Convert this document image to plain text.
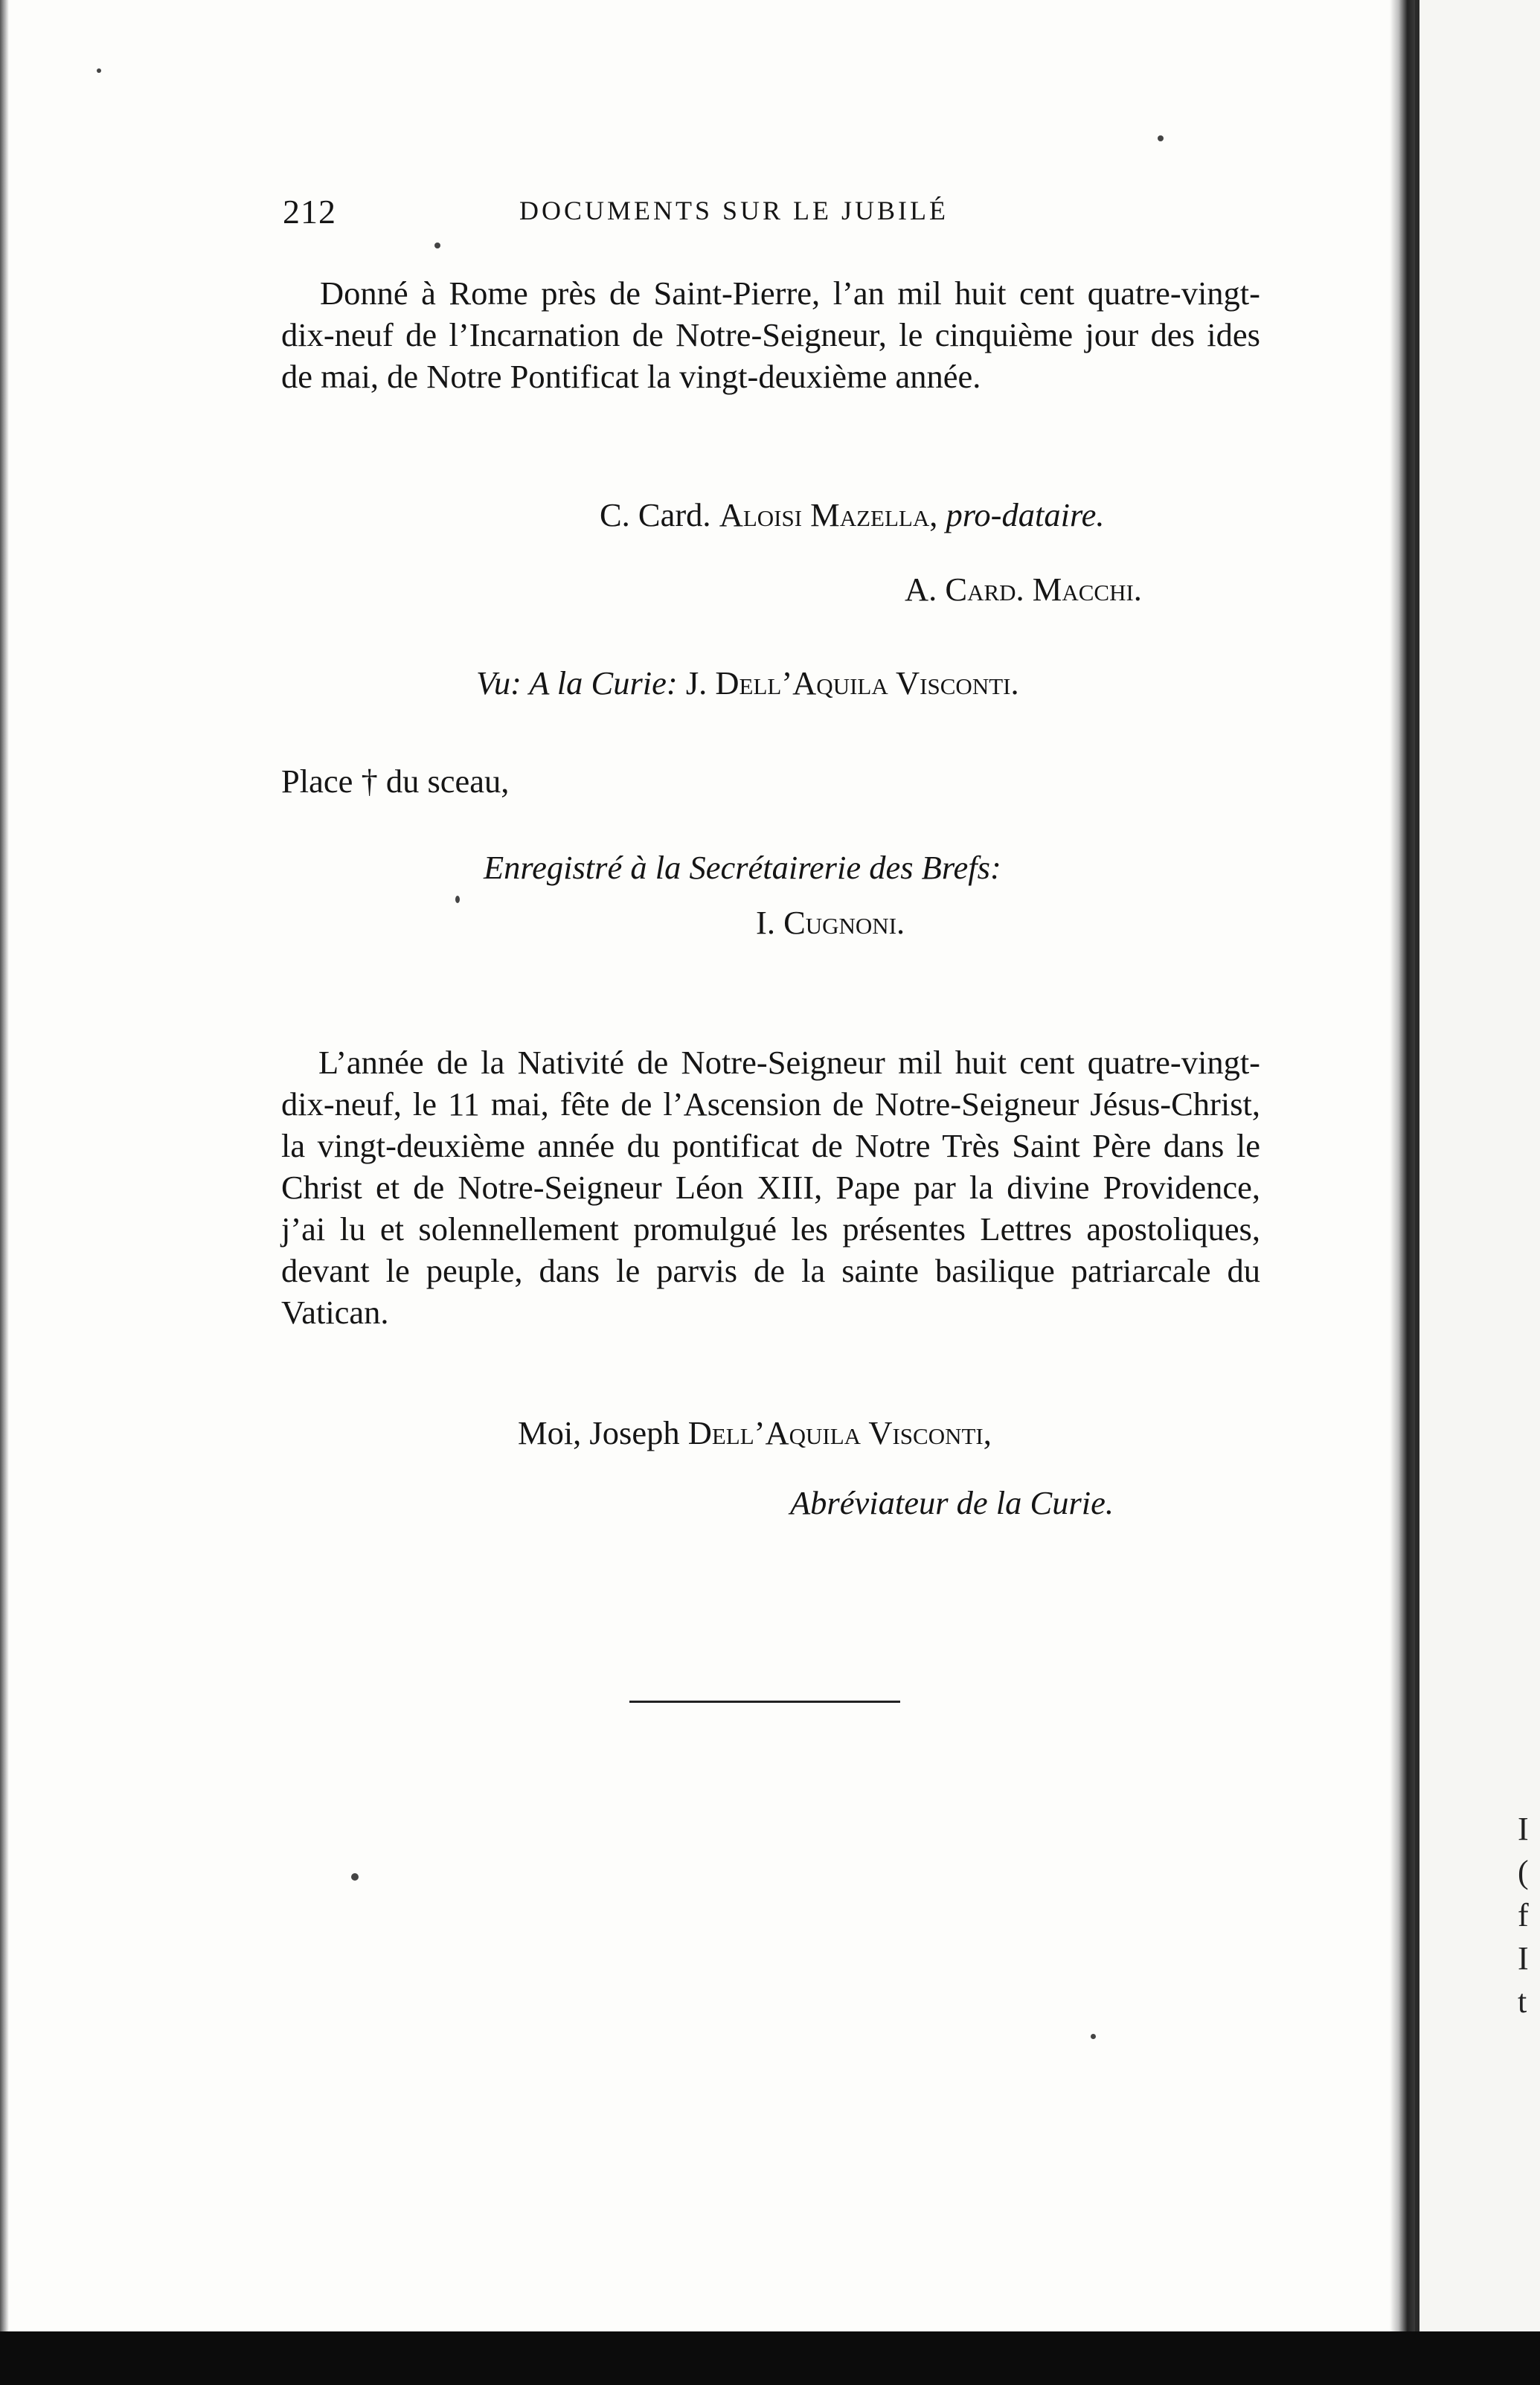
I
(
f
I
t
212	DOCUMENTS SUR LE JUBILÉ
Donné à Rome près de Saint-Pierre, l’an mil huit cent quatre-vingt-dix-neuf de l’Incarnation de Notre-Seigneur, le cinquième jour des ides de mai, de Notre Pontificat la vingt-deuxième année.
C. Card. Aloisi Mazella, pro-dataire.
A. Card. Macchi.
Vu: A la Curie: J. Dell’Aquila Visconti.
Place † du sceau,
Enregistré à la Secrétairerie des Brefs:
I. Cugnoni.
L’année de la Nativité de Notre-Seigneur mil huit cent quatre-vingt-dix-neuf, le 11 mai, fête de l’Ascension de Notre-Seigneur Jésus-Christ, la vingt-deuxième année du pontificat de Notre Très Saint Père dans le Christ et de Notre-Seigneur Léon XIII, Pape par la divine Providence, j’ai lu et solennellement promulgué les présentes Lettres apostoliques, devant le peuple, dans le parvis de la sainte basilique patriarcale du Vatican.
Moi, Joseph Dell’Aquila Visconti,
Abréviateur de la Curie.
